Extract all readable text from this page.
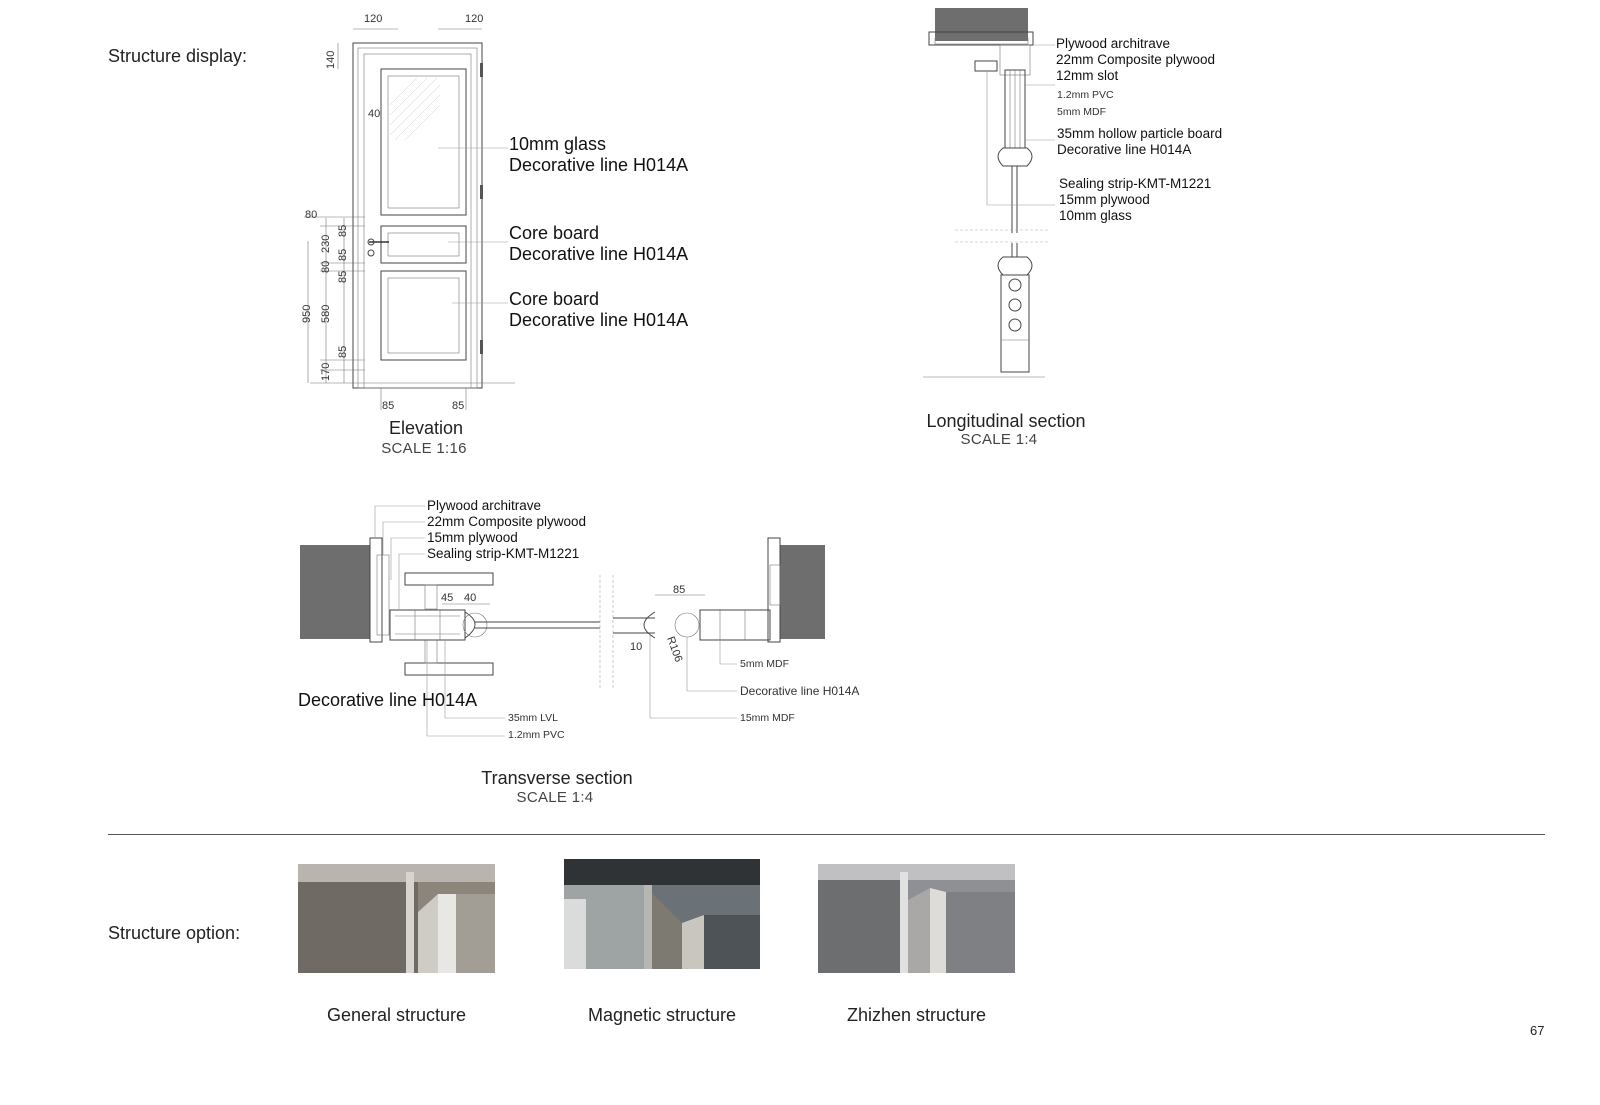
Structure display:
Structure option:
120	120
140
40
80
85
230
85
80
85
950 580
85
170
85	85
10mm glass
Decorative line H014A
Core board
Decorative line H014A
Core board
Decorative line H014A
Elevation
SCALE 1:16
Plywood architrave
22mm Composite plywood
12mm slot
1.2mm PVC
5mm MDF
35mm hollow particle board
Decorative line H014A
Sealing strip-KMT-M1221
15mm plywood
10mm glass
Longitudinal section
SCALE 1:4
45 40
85
10 R106
Plywood architrave
22mm Composite plywood
15mm plywood
Sealing strip-KMT-M1221
Decorative line H014A
35mm LVL
1.2mm PVC
5mm MDF
Decorative line H014A
15mm MDF
Transverse section
SCALE 1:4
General structure	Magnetic structure	Zhizhen structure
67
